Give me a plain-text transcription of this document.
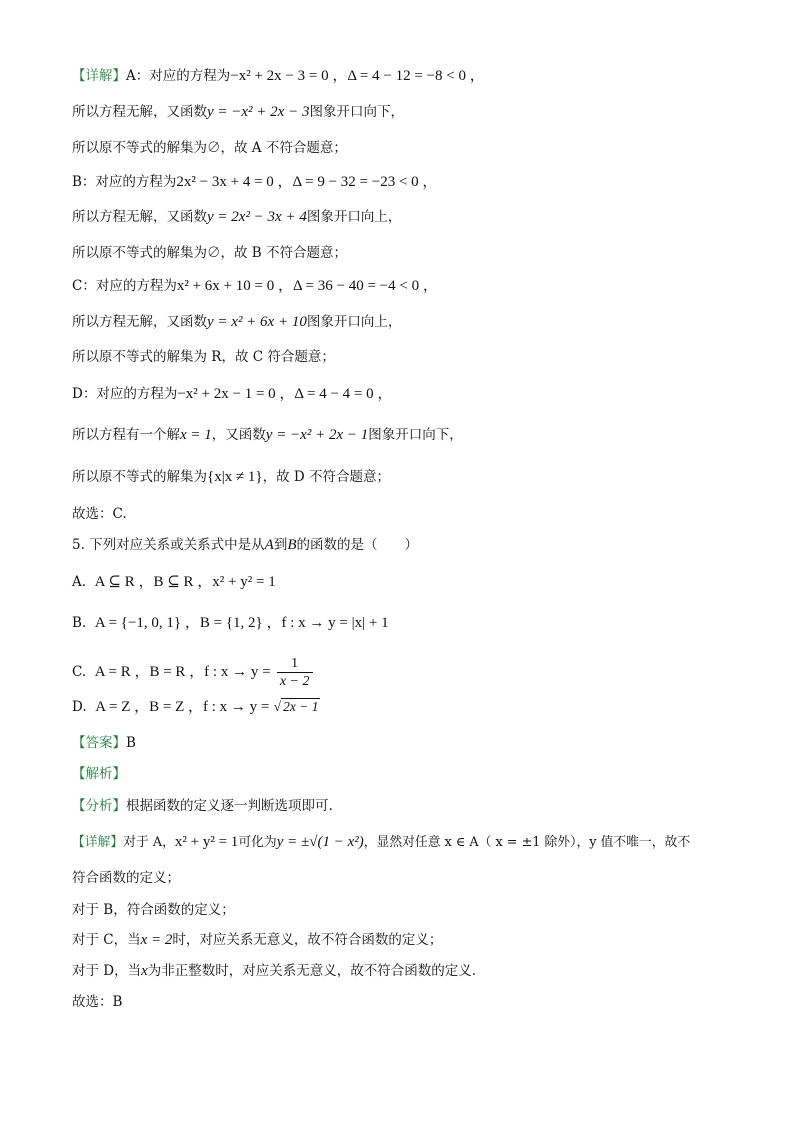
【详解】A：对应的方程为−x² + 2x − 3 = 0 ，Δ = 4 − 12 = −8 < 0 ，
所以方程无解，又函数y = −x² + 2x − 3图象开口向下，
所以原不等式的解集为∅，故 A 不符合题意；
B：对应的方程为2x² − 3x + 4 = 0 ，Δ = 9 − 32 = −23 < 0 ，
所以方程无解，又函数y = 2x² − 3x + 4图象开口向上，
所以原不等式的解集为∅，故 B 不符合题意；
C：对应的方程为x² + 6x + 10 = 0 ，Δ = 36 − 40 = −4 < 0 ，
所以方程无解，又函数y = x² + 6x + 10图象开口向上，
所以原不等式的解集为 R，故 C 符合题意；
D：对应的方程为−x² + 2x − 1 = 0 ，Δ = 4 − 4 = 0 ，
所以方程有一个解x = 1，又函数y = −x² + 2x − 1图象开口向下，
所以原不等式的解集为{x|x ≠ 1}，故 D 不符合题意；
故选：C.
5. 下列对应关系或关系式中是从A到B的函数的是（　　）
A. A ⊆ R ，B ⊆ R ，x² + y² = 1
B. A = {−1, 0, 1} ，B = {1, 2} ，f : x → y = |x| + 1
C. A = R ，B = R ，f : $x \to y = \frac{1}{x - 2}$
D. A = Z ，B = Z ，f : x → y = √ 2x − 1
【答案】B
【解析】
【分析】根据函数的定义逐一判断选项即可.
【详解】对于 A，x² + y² = 1可化为y = ±√(1 − x²)，显然对任意 x ∈ A（ x = ±1 除外），y 值不唯一，故不
符合函数的定义；
对于 B，符合函数的定义；
对于 C，当x = 2时，对应关系无意义，故不符合函数的定义；
对于 D，当x为非正整数时，对应关系无意义，故不符合函数的定义.
故选：B
